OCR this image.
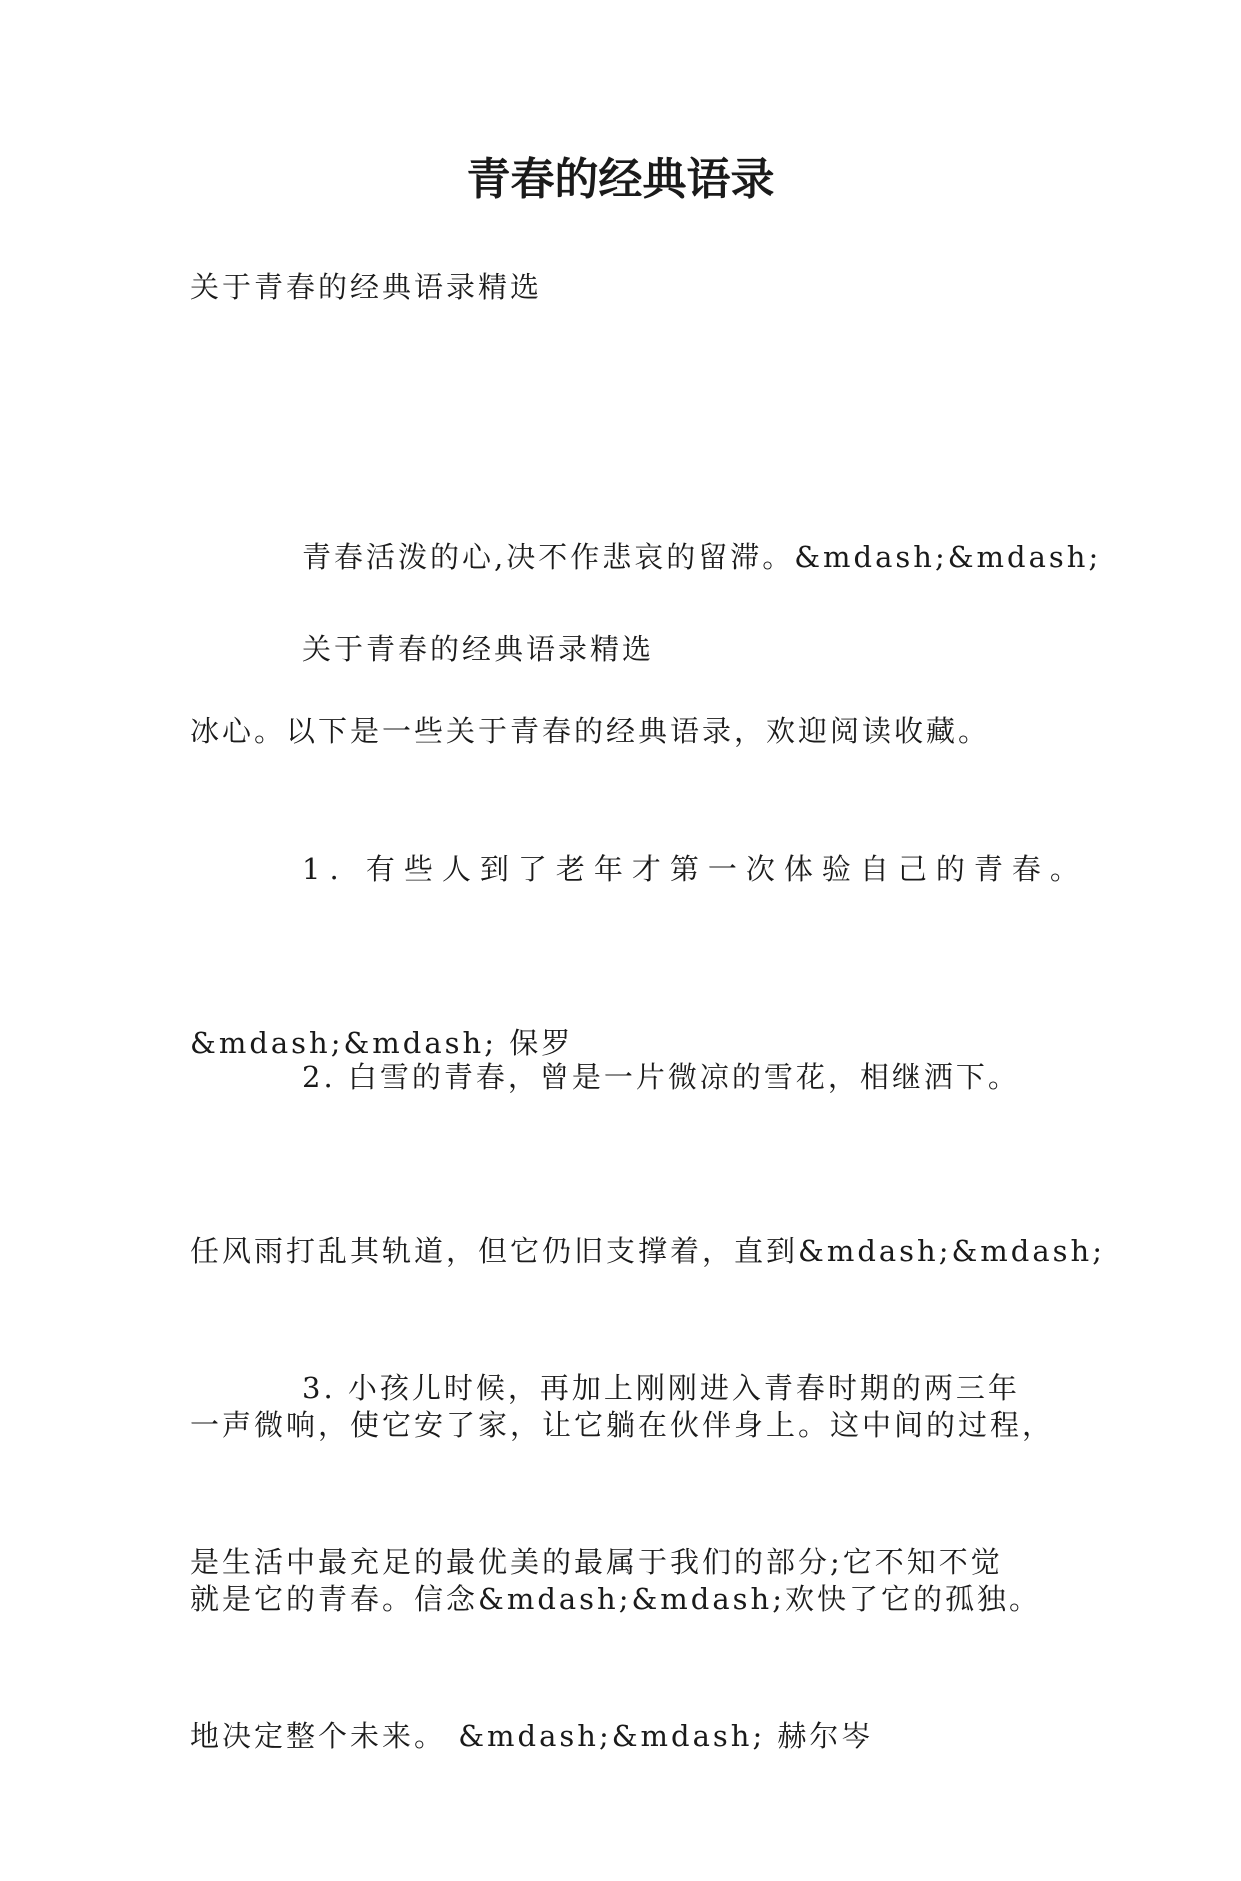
青春的经典语录

关于青春的经典语录精选

青春活泼的心,决不作悲哀的留滞。&mdash;&mdash;

冰心。以下是一些关于青春的经典语录，欢迎阅读收藏。

关于青春的经典语录精选

1. 有些人到了老年才第一次体验自己的青春。

&mdash;&mdash; 保罗

2. 白雪的青春，曾是一片微凉的雪花，相继洒下。

任风雨打乱其轨道，但它仍旧支撑着，直到&mdash;&mdash;

一声微响，使它安了家，让它躺在伙伴身上。这中间的过程，

就是它的青春。信念&mdash;&mdash;欢快了它的孤独。

3. 小孩儿时候，再加上刚刚进入青春时期的两三年

是生活中最充足的最优美的最属于我们的部分;它不知不觉

地决定整个未来。 &mdash;&mdash; 赫尔岑
